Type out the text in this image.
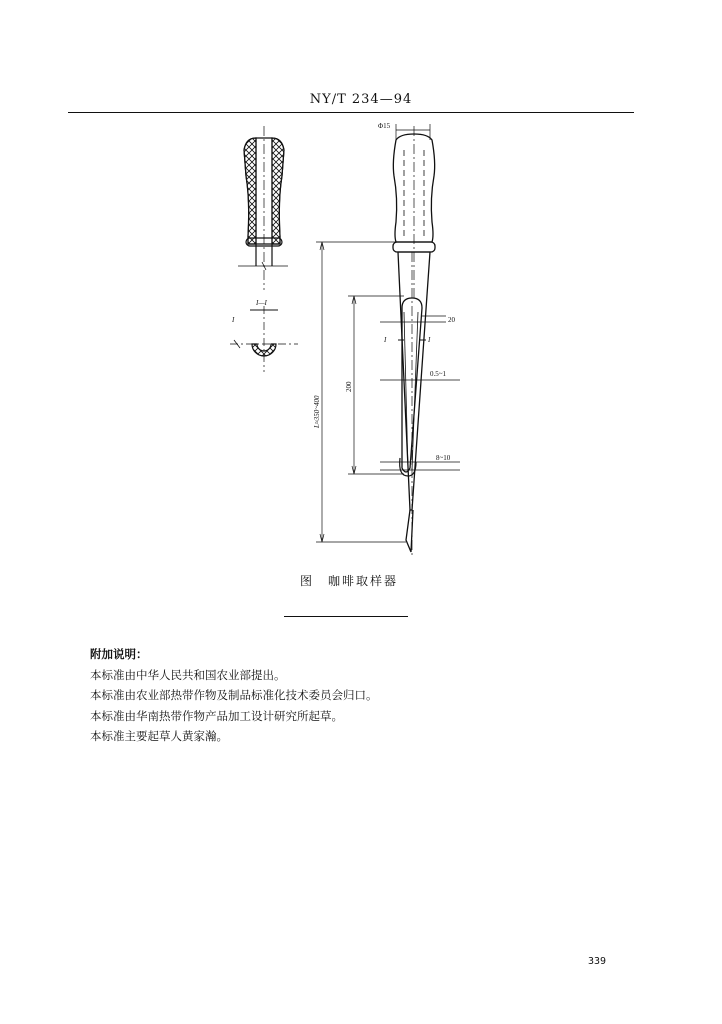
NY/T 234—94
I—I
I
Φ15
20
0.5~1
8~10
I	I
200
L≈350~400
图 咖啡取样器
附加说明：
本标准由中华人民共和国农业部提出。
本标准由农业部热带作物及制品标准化技术委员会归口。
本标准由华南热带作物产品加工设计研究所起草。
本标准主要起草人黄家瀚。
339
